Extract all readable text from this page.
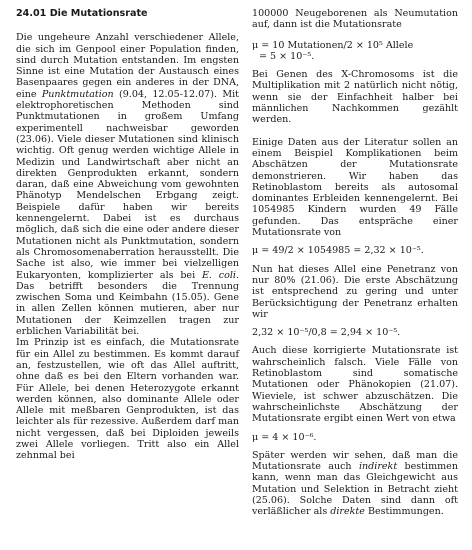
24.01 Die Mutationsrate

Die ungeheure Anzahl verschiedener Allele, die sich im Genpool einer Population finden, sind durch Mutation entstanden. Im engsten Sinne ist eine Mutation der Austausch eines Basenpaares gegen ein anderes in der DNA, eine Punktmutation (9.04, 12.05-12.07). Mit elektrophoretischen Methoden sind Punktmutationen in großem Umfang experimentell nachweisbar geworden (23.06). Viele dieser Mutationen sind klinisch wichtig. Oft genug werden wichtige Allele in Medizin und Landwirtschaft aber nicht an direkten Genprodukten erkannt, sondern daran, daß eine Abweichung vom gewohnten Phänotyp Mendelschen Erbgang zeigt. Beispiele dafür haben wir bereits kennengelernt. Dabei ist es durchaus möglich, daß sich die eine oder andere dieser Mutationen nicht als Punktmutation, sondern als Chromosomenaberration herausstellt. Die Sache ist also, wie immer bei vielzelligen Eukaryonten, komplizierter als bei E. coli. Das betrifft besonders die Trennung zwischen Soma und Keimbahn (15.05). Gene in allen Zellen können mutieren, aber nur Mutationen der Keimzellen tragen zur erblichen Variabilität bei.

Im Prinzip ist es einfach, die Mutationsrate für ein Allel zu bestimmen. Es kommt darauf an, festzustellen, wie oft das Allel auftritt, ohne daß es bei den Eltern vorhanden war. Für Allele, bei denen Heterozygote erkannt werden können, also dominante Allele oder Allele mit meßbaren Genprodukten, ist das leichter als für rezessive. Außerdem darf man nicht vergessen, daß bei Diploiden jeweils zwei Allele vorliegen. Tritt also ein Allel zehnmal bei

100000 Neugeborenen als Neumutation auf, dann ist die Mutationsrate

μ = 10 Mutationen/2 × 10⁵ Allele
= 5 × 10⁻⁵.

Bei Genen des X-Chromosoms ist die Multiplikation mit 2 natürlich nicht nötig, wenn sie der Einfachheit halber bei männlichen Nachkommen gezählt werden.

Einige Daten aus der Literatur sollen an einem Beispiel Komplikationen beim Abschätzen der Mutationsrate demonstrieren. Wir haben das Retinoblastom bereits als autosomal dominantes Erbleiden kennengelernt. Bei 1054985 Kindern wurden 49 Fälle gefunden. Das entspräche einer Mutationsrate von

μ = 49/2 × 1054985 = 2,32 × 10⁻⁵.

Nun hat dieses Allel eine Penetranz von nur 80% (21.06). Die erste Abschätzung ist entsprechend zu gering und unter Berücksichtigung der Penetranz erhalten wir

2,32 × 10⁻⁵/0,8 = 2,94 × 10⁻⁵.

Auch diese korrigierte Mutationsrate ist wahrscheinlich falsch. Viele Fälle von Retinoblastom sind somatische Mutationen oder Phänokopien (21.07). Wieviele, ist schwer abzuschätzen. Die wahrscheinlichste Abschätzung der Mutationsrate ergibt einen Wert von etwa

μ = 4 × 10⁻⁶.

Später werden wir sehen, daß man die Mutationsrate auch indirekt bestimmen kann, wenn man das Gleichgewicht aus Mutation und Selektion in Betracht zieht (25.06). Solche Daten sind dann oft verläßlicher als direkte Bestimmungen.
